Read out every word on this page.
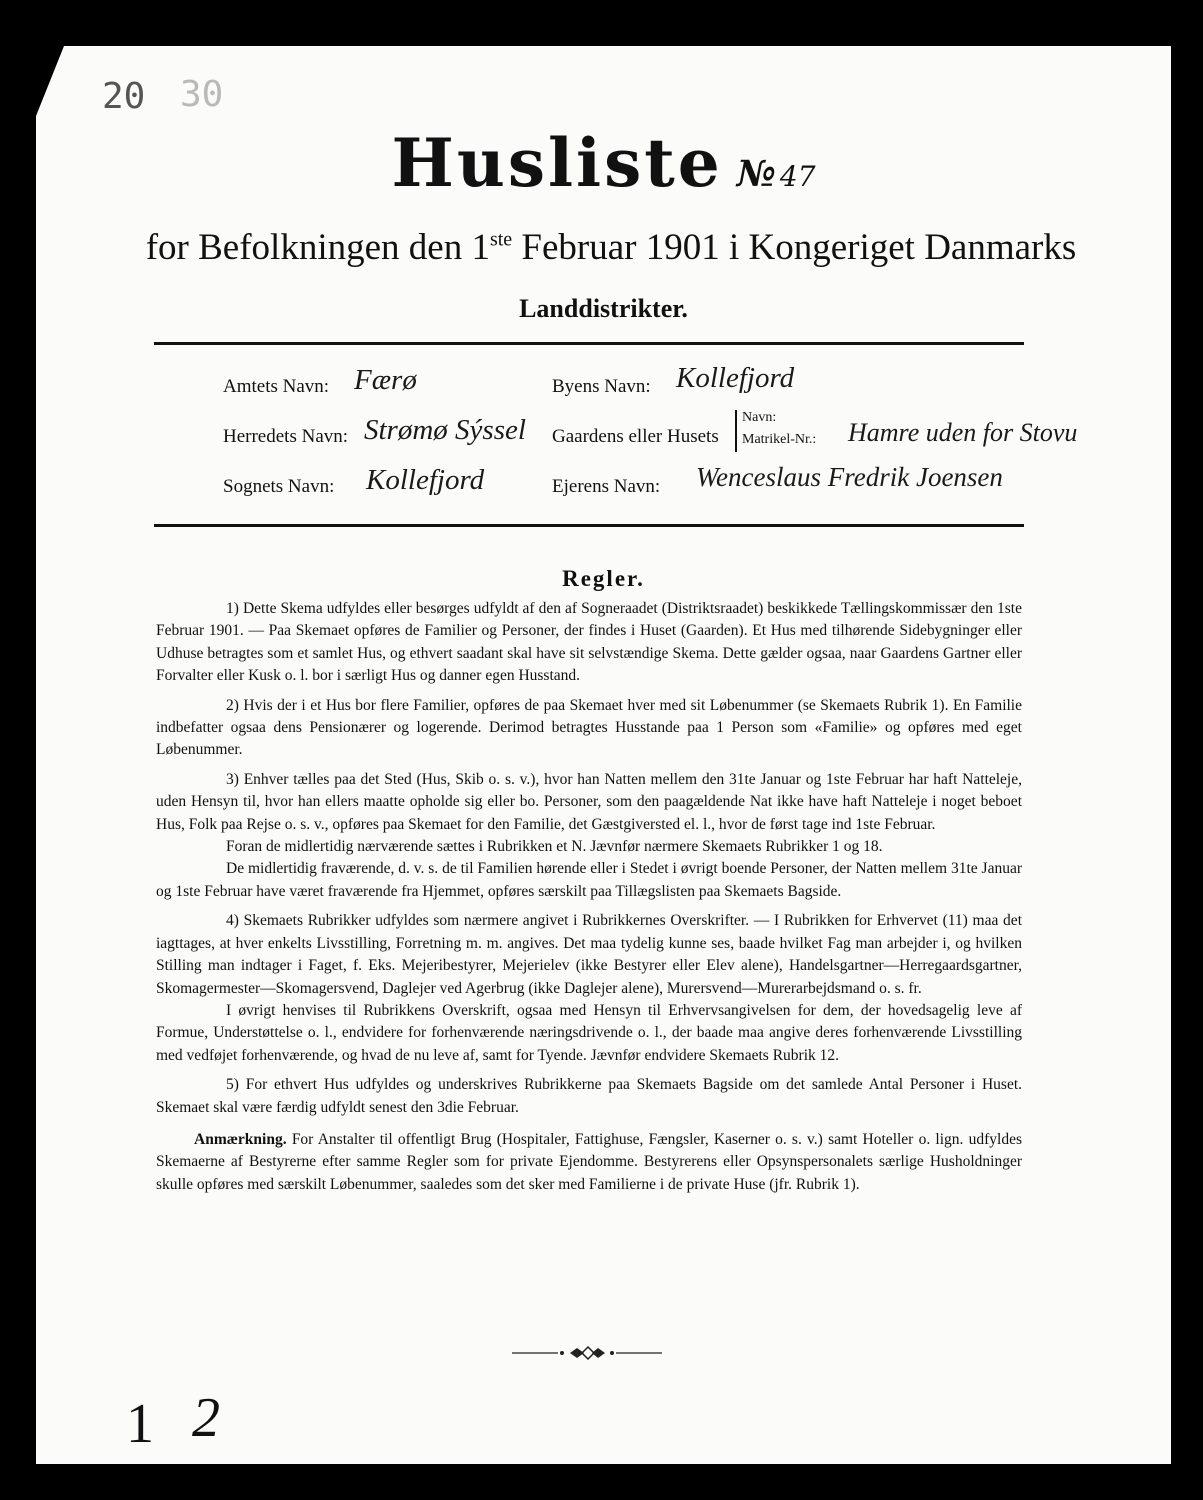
20 30
Husliste № 47
for Befolkningen den 1ste Februar 1901 i Kongeriget Danmarks
Landdistrikter.
Amtets Navn: Færø
Herredets Navn: Strømø Sýssel
Sognets Navn: Kollefjord
Byens Navn: Kollefjord
Gaardens eller Husets
Navn:
Matrikel-Nr.: Hamre uden for Stovu
Ejerens Navn: Wenceslaus Fredrik Joensen
Regler.

1) Dette Skema udfyldes eller besørges udfyldt af den af Sogneraadet (Distriktsraadet) beskikkede Tællingskommissær den 1ste Februar 1901. — Paa Skemaet opføres de Familier og Personer, der findes i Huset (Gaarden). Et Hus med tilhørende Sidebygninger eller Udhuse betragtes som et samlet Hus, og ethvert saadant skal have sit selvstændige Skema. Dette gælder ogsaa, naar Gaardens Gartner eller Forvalter eller Kusk o. l. bor i særligt Hus og danner egen Husstand.

2) Hvis der i et Hus bor flere Familier, opføres de paa Skemaet hver med sit Løbenummer (se Skemaets Rubrik 1). En Familie indbefatter ogsaa dens Pensionærer og logerende. Derimod betragtes Husstande paa 1 Person som «Familie» og opføres med eget Løbenummer.

3) Enhver tælles paa det Sted (Hus, Skib o. s. v.), hvor han Natten mellem den 31te Januar og 1ste Februar har haft Natteleje, uden Hensyn til, hvor han ellers maatte opholde sig eller bo. Personer, som den paagældende Nat ikke have haft Natteleje i noget beboet Hus, Folk paa Rejse o. s. v., opføres paa Skemaet for den Familie, det Gæstgiversted el. l., hvor de først tage ind 1ste Februar.

Foran de midlertidig nærværende sættes i Rubrikken et N. Jævnfør nærmere Skemaets Rubrikker 1 og 18.

De midlertidig fraværende, d. v. s. de til Familien hørende eller i Stedet i øvrigt boende Personer, der Natten mellem 31te Januar og 1ste Februar have været fraværende fra Hjemmet, opføres særskilt paa Tillægslisten paa Skemaets Bagside.

4) Skemaets Rubrikker udfyldes som nærmere angivet i Rubrikkernes Overskrifter. — I Rubrikken for Erhvervet (11) maa det iagttages, at hver enkelts Livsstilling, Forretning m. m. angives. Det maa tydelig kunne ses, baade hvilket Fag man arbejder i, og hvilken Stilling man indtager i Faget, f. Eks. Mejeribestyrer, Mejerielev (ikke Bestyrer eller Elev alene), Handelsgartner—Herregaardsgartner, Skomagermester—Skomagersvend, Daglejer ved Agerbrug (ikke Daglejer alene), Murersvend—Murerarbejdsmand o. s. fr.

I øvrigt henvises til Rubrikkens Overskrift, ogsaa med Hensyn til Erhvervsangivelsen for dem, der hovedsagelig leve af Formue, Understøttelse o. l., endvidere for forhenværende næringsdrivende o. l., der baade maa angive deres forhenværende Livsstilling med vedføjet forhenværende, og hvad de nu leve af, samt for Tyende. Jævnfør endvidere Skemaets Rubrik 12.

5) For ethvert Hus udfyldes og underskrives Rubrikkerne paa Skemaets Bagside om det samlede Antal Personer i Huset. Skemaet skal være færdig udfyldt senest den 3die Februar.

Anmærkning. For Anstalter til offentligt Brug (Hospitaler, Fattighuse, Fængsler, Kaserner o. s. v.) samt Hoteller o. lign. udfyldes Skemaerne af Bestyrerne efter samme Regler som for private Ejendomme. Bestyrerens eller Opsynspersonalets særlige Husholdninger skulle opføres med særskilt Løbenummer, saaledes som det sker med Familierne i de private Huse (jfr. Rubrik 1).

1 2
